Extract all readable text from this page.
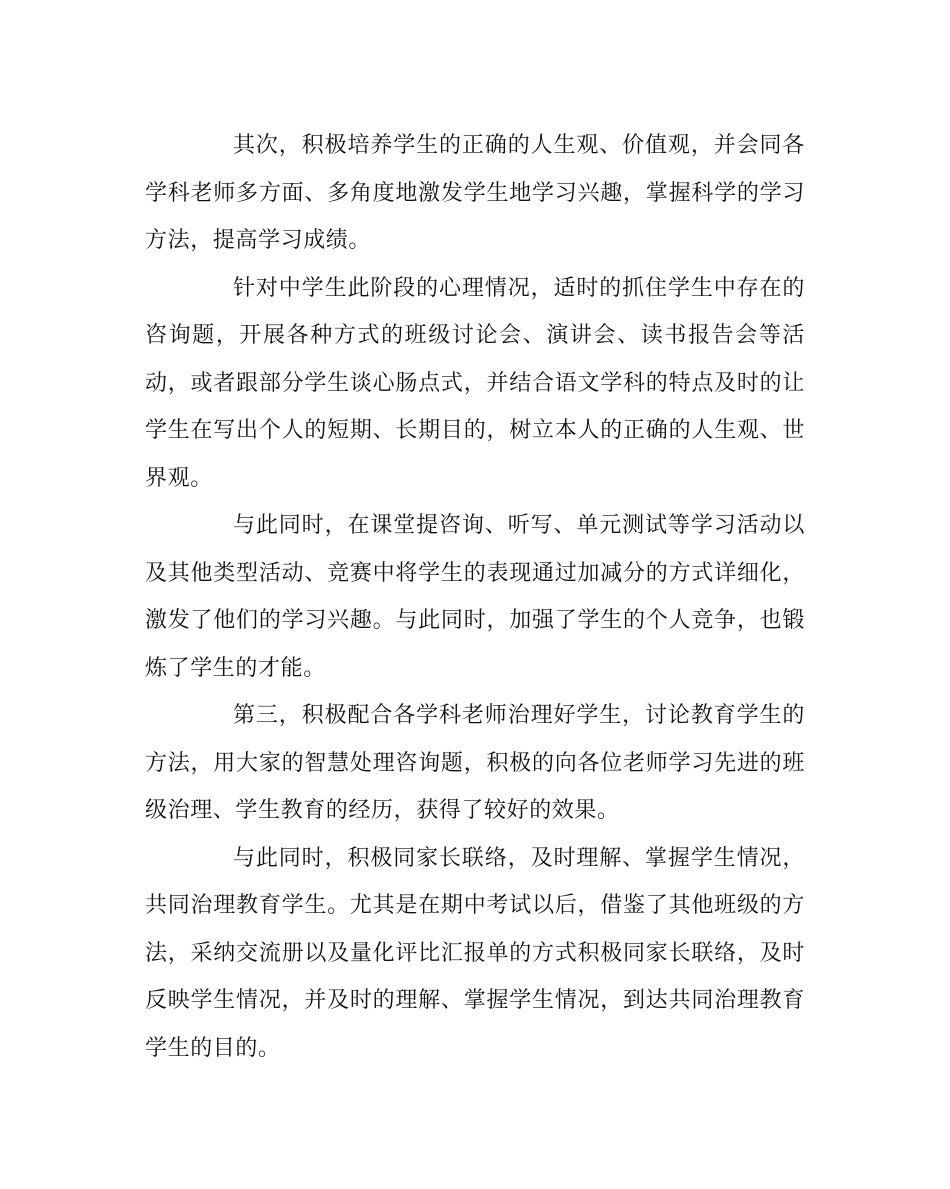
其次，积极培养学生的正确的人生观、价值观，并会同各学科老师多方面、多角度地激发学生地学习兴趣，掌握科学的学习方法，提高学习成绩。

针对中学生此阶段的心理情况，适时的抓住学生中存在的咨询题，开展各种方式的班级讨论会、演讲会、读书报告会等活动，或者跟部分学生谈心肠点式，并结合语文学科的特点及时的让学生在写出个人的短期、长期目的，树立本人的正确的人生观、世界观。

与此同时，在课堂提咨询、听写、单元测试等学习活动以及其他类型活动、竞赛中将学生的表现通过加减分的方式详细化，激发了他们的学习兴趣。与此同时，加强了学生的个人竞争，也锻炼了学生的才能。

第三，积极配合各学科老师治理好学生，讨论教育学生的方法，用大家的智慧处理咨询题，积极的向各位老师学习先进的班级治理、学生教育的经历，获得了较好的效果。

与此同时，积极同家长联络，及时理解、掌握学生情况，共同治理教育学生。尤其是在期中考试以后，借鉴了其他班级的方法，采纳交流册以及量化评比汇报单的方式积极同家长联络，及时反映学生情况，并及时的理解、掌握学生情况，到达共同治理教育学生的目的。
